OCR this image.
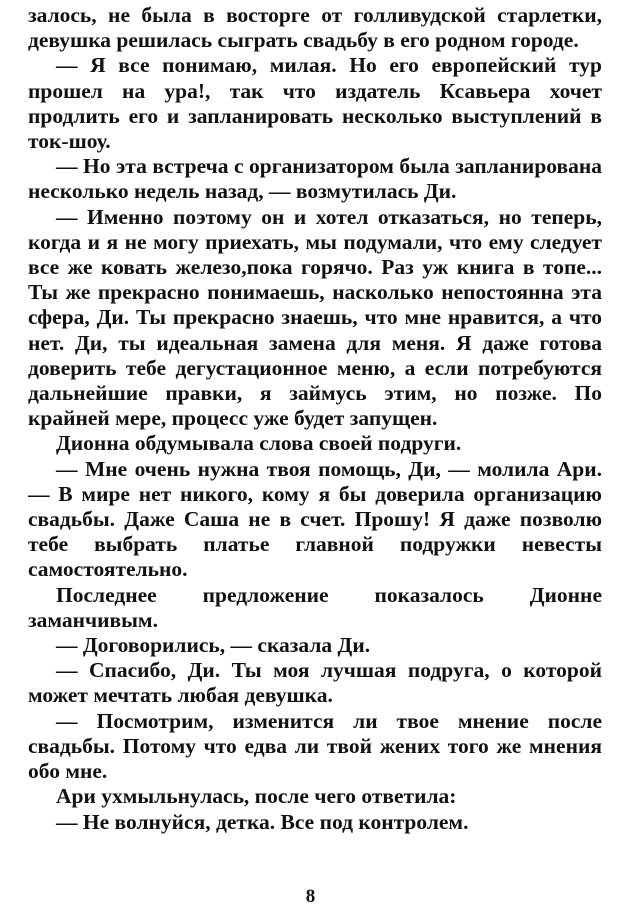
залось, не была в восторге от голливудской старлетки, девушка решилась сыграть свадьбу в его родном городе.

— Я все понимаю, милая. Но его европейский тур прошел на ура!, так что издатель Ксавьера хочет продлить его и запланировать несколько выступлений в ток-шоу.

— Но эта встреча с организатором была запланирована несколько недель назад, — возмутилась Ди.

— Именно поэтому он и хотел отказаться, но теперь, когда и я не могу приехать, мы подумали, что ему следует все же ковать железо,пока горячо. Раз уж книга в топе... Ты же прекрасно понимаешь, насколько непостоянна эта сфера, Ди. Ты прекрасно знаешь, что мне нравится, а что нет. Ди, ты идеальная замена для меня. Я даже готова доверить тебе дегустационное меню, а если потребуются дальнейшие правки, я займусь этим, но позже. По крайней мере, процесс уже будет запущен.

Дионна обдумывала слова своей подруги.

— Мне очень нужна твоя помощь, Ди, — молила Ари. — В мире нет никого, кому я бы доверила организацию свадьбы. Даже Саша не в счет. Прошу! Я даже позволю тебе выбрать платье главной подружки невесты самостоятельно.

Последнее предложение показалось Дионне заманчивым.

— Договорились, — сказала Ди.

— Спасибо, Ди. Ты моя лучшая подруга, о которой может мечтать любая девушка.

— Посмотрим, изменится ли твое мнение после свадьбы. Потому что едва ли твой жених того же мнения обо мне.

Ари ухмыльнулась, после чего ответила:

— Не волнуйся, детка. Все под контролем.

8
